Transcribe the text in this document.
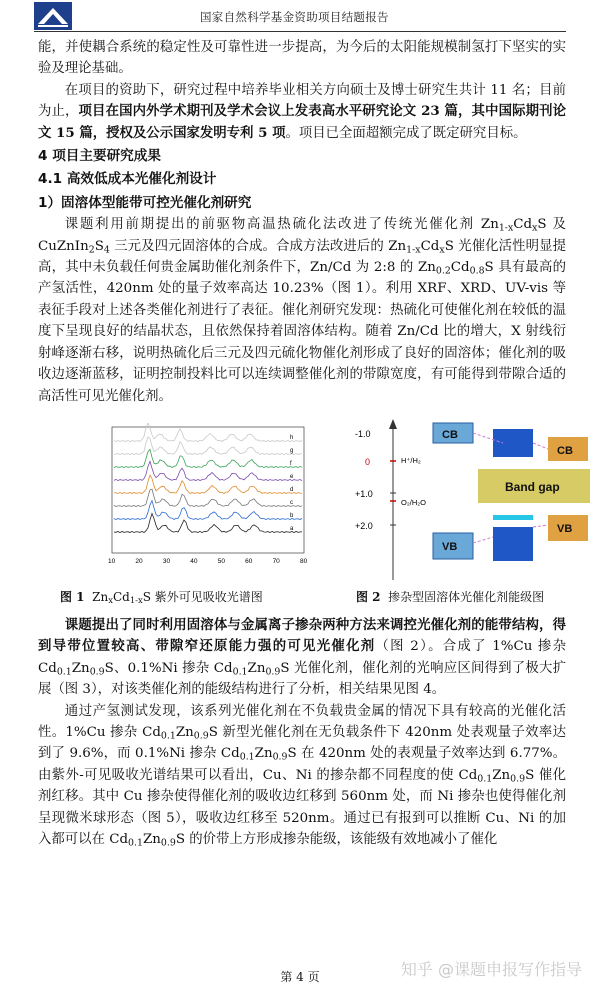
国家自然科学基金资助项目结题报告

能，并使耦合系统的稳定性及可靠性进一步提高，为今后的太阳能规模制氢打下坚实的实验及理论基础。

在项目的资助下，研究过程中培养毕业相关方向硕士及博士研究生共计 11 名；目前为止，项目在国内外学术期刊及学术会议上发表高水平研究论文 23 篇，其中国际期刊论文 15 篇，授权及公示国家发明专利 5 项。项目已全面超额完成了既定研究目标。

4 项目主要研究成果
4.1 高效低成本光催化剂设计
1）固溶体型能带可控光催化剂研究

课题利用前期提出的前驱物高温热硫化法改进了传统光催化剂 $Zn_{1-x}Cd_xS$ 及$CuZnIn_2S_4$ 三元及四元固溶体的合成。合成方法改进后的 $Zn_{1-x}Cd_xS$ 光催化活性明显提高，其中未负载任何贵金属助催化剂条件下，Zn/Cd 为 2:8 的 $Zn_{0.2}Cd_{0.8}S$ 具有最高的产氢活性，420nm 处的量子效率高达 10.23%（图 1）。利用 XRF、XRD、UV-vis 等表征手段对上述各类催化剂进行了表征。催化剂研究发现：热硫化可使催化剂在较低的温度下呈现良好的结晶状态，且依然保持着固溶体结构。随着 Zn/Cd 比的增大，X 射线衍射峰逐渐右移，说明热硫化后三元及四元硫化物催化剂形成了良好的固溶体；催化剂的吸收边逐渐蓝移，证明控制投料比可以连续调整催化剂的带隙宽度，有可能得到带隙合适的高活性可见光催化剂。

h
g
f
e
d
c
b
a
10	20	30	40	50	60	70	80
-1.0
0
+1.0
+2.0
H⁺/H₂
O₂/H₂O
CB
CB
Band gap
VB
VB
图 1  $Zn_xCd_{1-x}S$ 紫外可见吸收光谱图	图 2 掺杂型固溶体光催化剂能级图

课题提出了同时利用固溶体与金属离子掺杂两种方法来调控光催化剂的能带结构，得到导带位置较高、带隙窄还原能力强的可见光催化剂（图 2）。合成了 1%Cu 掺杂 $Cd_{0.1}Zn_{0.9}S$、0.1%Ni 掺杂 $Cd_{0.1}Zn_{0.9}S$ 光催化剂，催化剂的光响应区间得到了极大扩展（图 3），对该类催化剂的能级结构进行了分析，相关结果见图 4。

通过产氢测试发现，该系列光催化剂在不负载贵金属的情况下具有较高的光催化活性。1%Cu 掺杂 $Cd_{0.1}Zn_{0.9}S$ 新型光催化剂在无负载条件下 420nm 处表观量子效率达到了 9.6%，而 0.1%Ni 掺杂 $Cd_{0.1}Zn_{0.9}S$ 在 420nm 处的表观量子效率达到 6.77%。由紫外-可见吸收光谱结果可以看出，Cu、Ni 的掺杂都不同程度的使 $Cd_{0.1}Zn_{0.9}S$ 催化剂红移。其中 Cu 掺杂使得催化剂的吸收边红移到 560nm 处，而 Ni 掺杂也使得催化剂呈现微米球形态（图 5），吸收边红移至 520nm。通过已有报到可以推断 Cu、Ni 的加入都可以在 $Cd_{0.1}Zn_{0.9}S$ 的价带上方形成掺杂能级，该能级有效地减小了催化

第 4 页	知乎 @课题申报写作指导
